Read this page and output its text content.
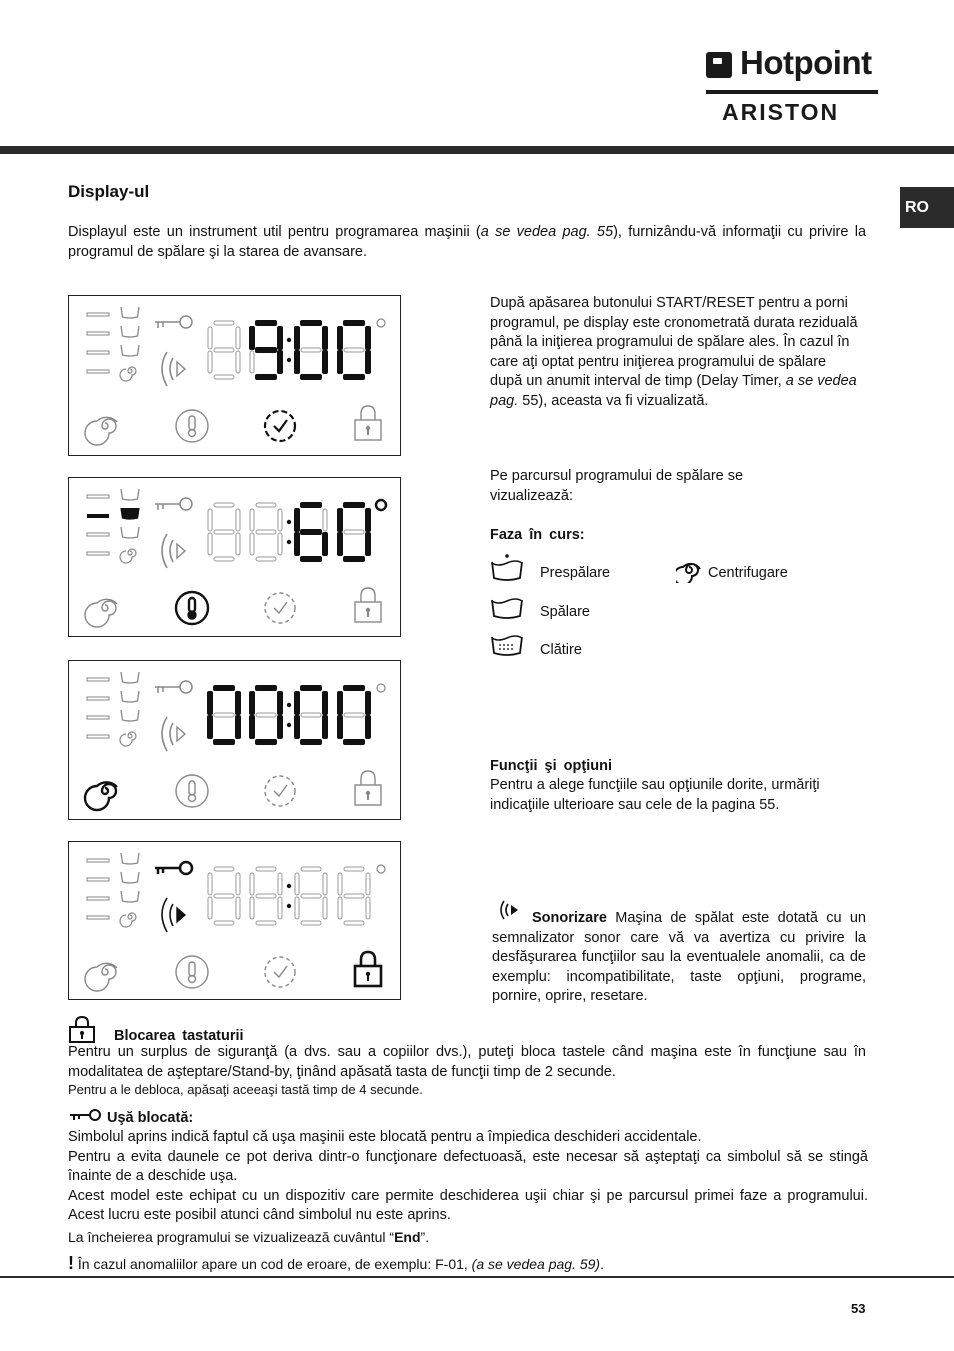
Hotpoint
ARISTON
RO
Display-ul
Displayul este un instrument util pentru programarea maşinii (a se vedea pag. 55), furnizându-vă informaţii cu privire la programul de spălare şi la starea de avansare.
După apăsarea butonului START/RESET pentru a porni programul, pe display este cronometrată durata reziduală până la iniţierea programului de spălare ales. În cazul în care aţi optat pentru iniţierea programului de spălare după un anumit interval de timp (Delay Timer, a se vedea pag. 55), aceasta va fi vizualizată.
Pe parcursul programului de spălare se vizualizează:
Faza în curs:
Prespălare	Centrifugare
Spălare
Clătire
Funcţii şi opţiuni
Pentru a alege funcţiile sau opţiunile dorite, urmăriţi indicaţiile ulterioare sau cele de la pagina 55.
Sonorizare Maşina de spălat este dotată cu un semnalizator sonor care vă va avertiza cu privire la desfăşurarea funcţiilor sau la eventualele anomalii, ca de exemplu: incompatibilitate, taste opţiuni, programe, pornire, oprire, resetare.
Blocarea tastaturii
Pentru un surplus de siguranţă (a dvs. sau a copiilor dvs.), puteţi bloca tastele când maşina este în funcţiune sau în modalitatea de aşteptare/Stand-by, ţinând apăsată tasta de funcţii timp de 2 secunde.
Pentru a le debloca, apăsaţi aceeaşi tastă timp de 4 secunde.
Uşă blocată:
Simbolul aprins indică faptul că uşa maşinii este blocată pentru a împiedica deschideri accidentale.
Pentru a evita daunele ce pot deriva dintr-o funcţionare defectuoasă, este necesar să aşteptaţi ca simbolul să se stingă înainte de a deschide uşa.
Acest model este echipat cu un dispozitiv care permite deschiderea uşii chiar şi pe parcursul primei faze a programului. Acest lucru este posibil atunci când simbolul nu este aprins.
La încheierea programului se vizualizează cuvântul “End”.
! În cazul anomaliilor apare un cod de eroare, de exemplu: F-01, (a se vedea pag. 59).
53
